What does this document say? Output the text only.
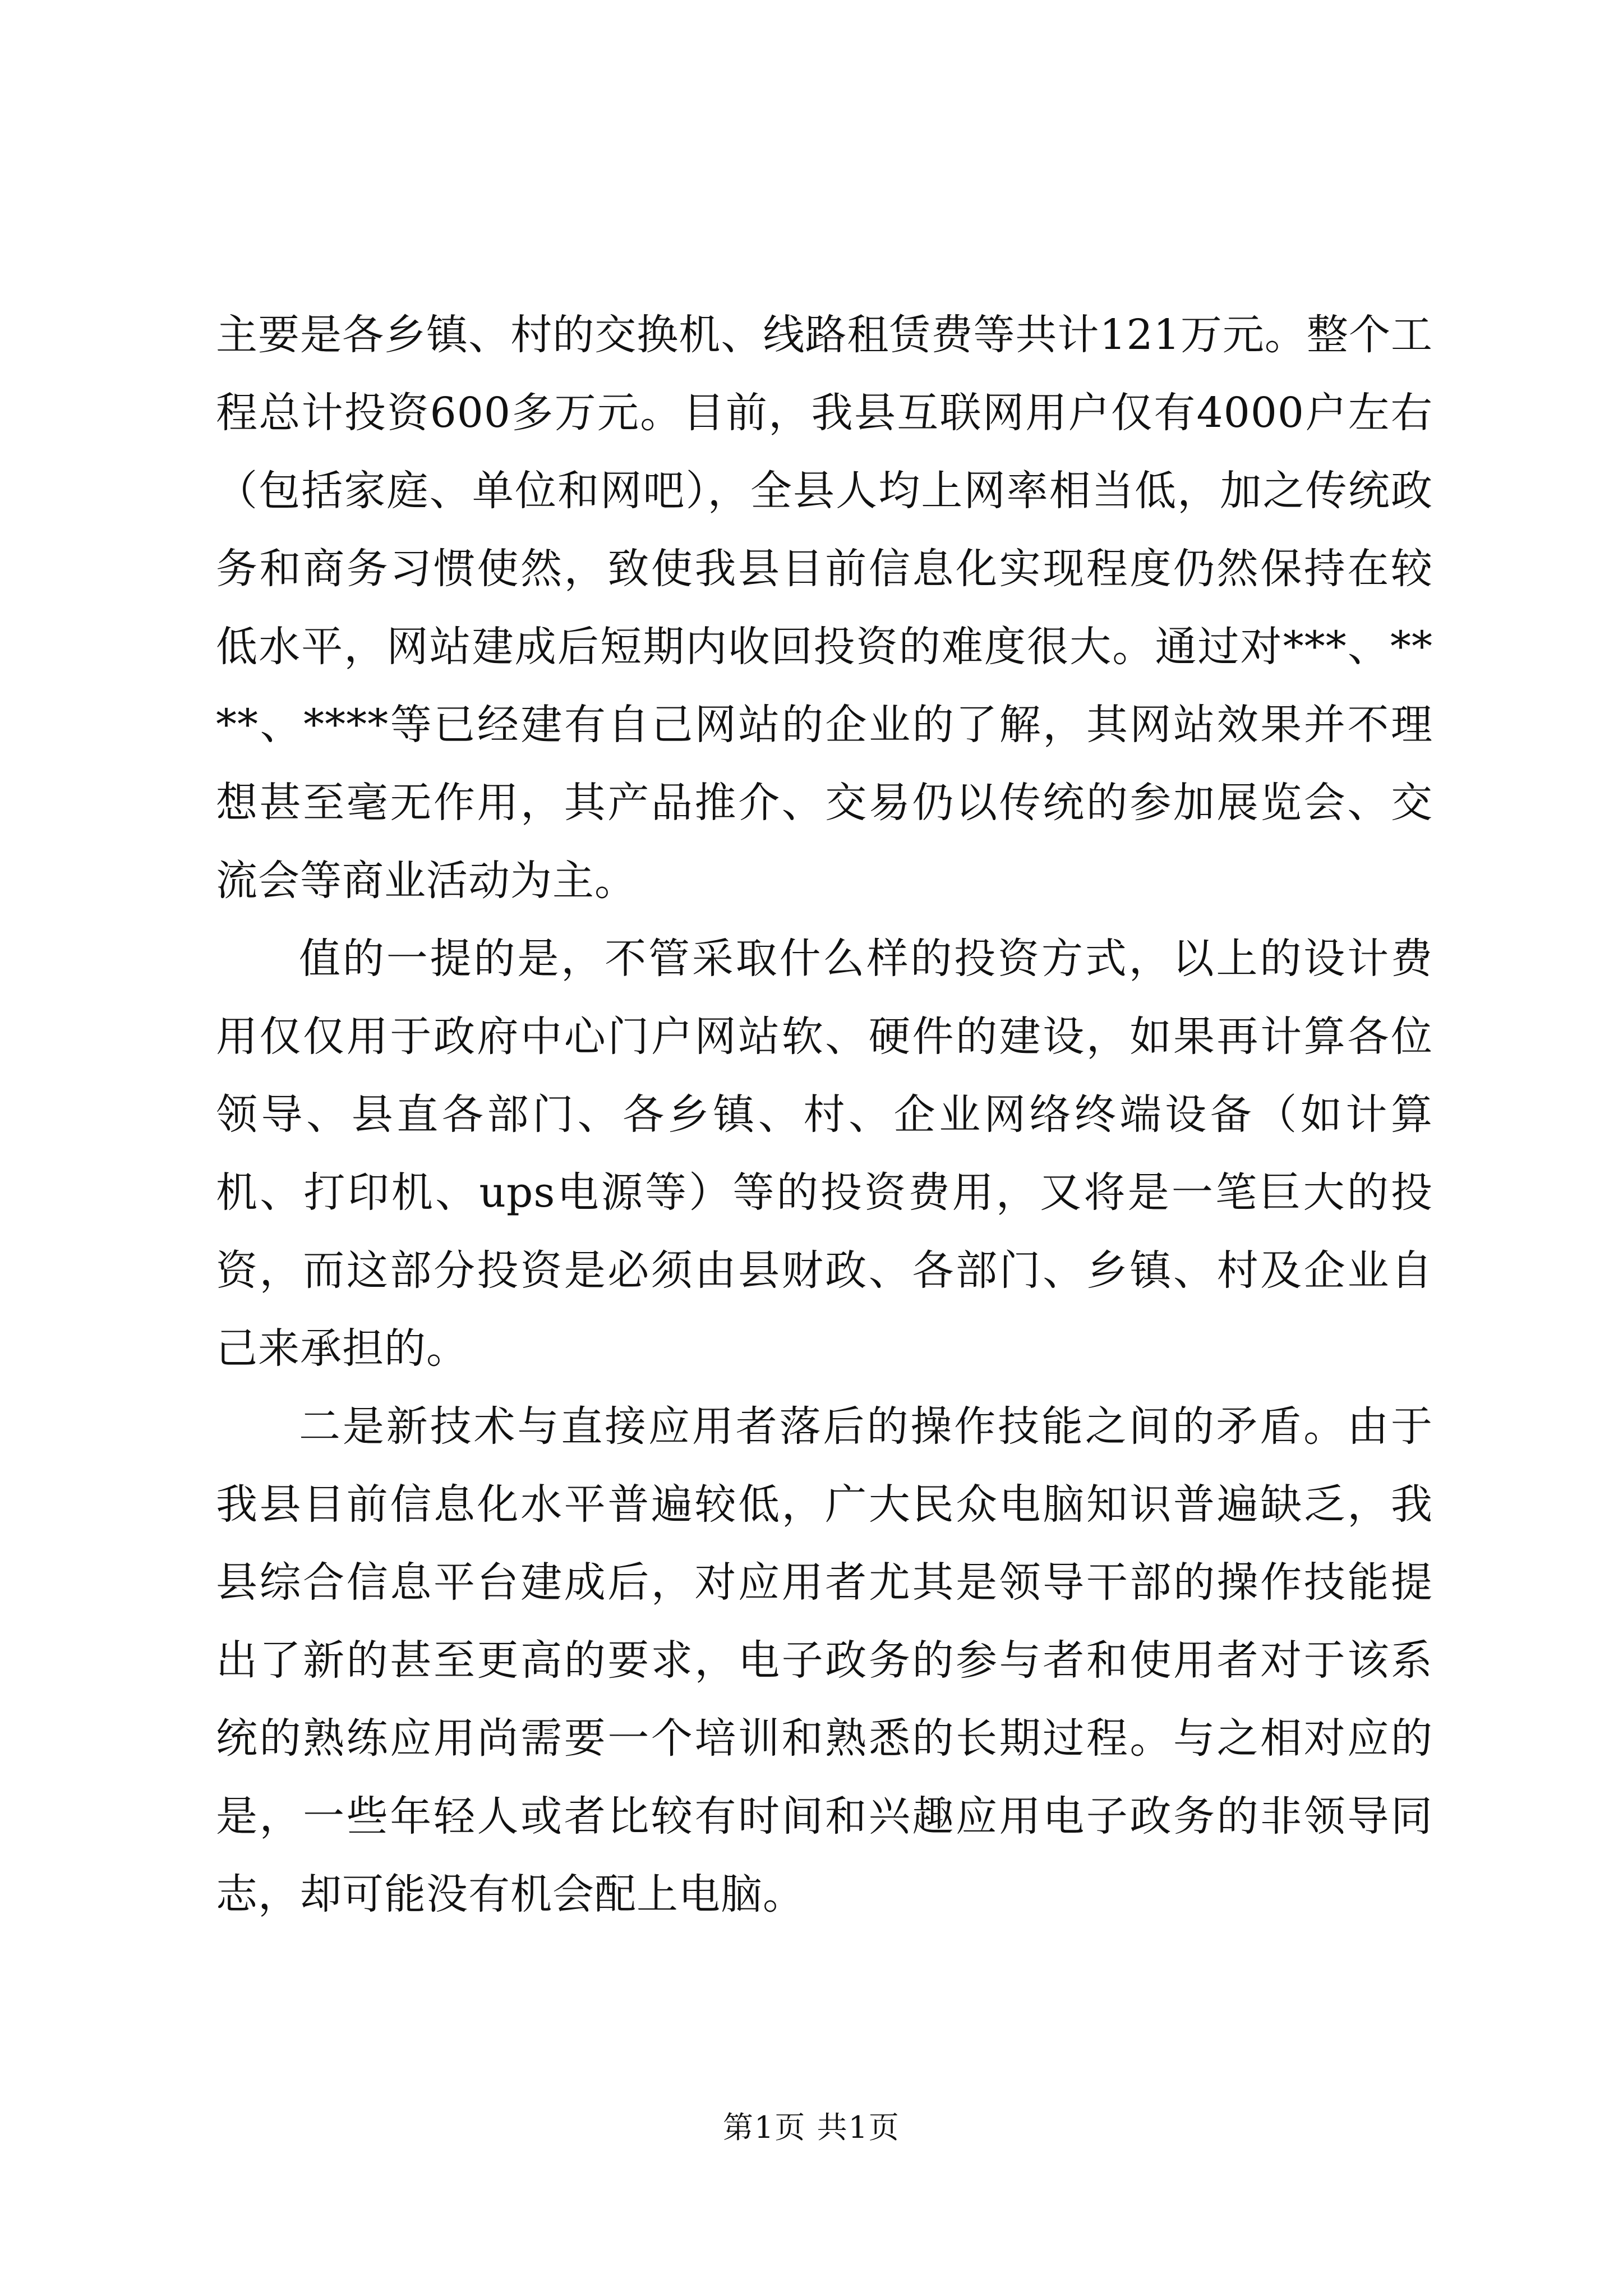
主要是各乡镇、村的交换机、线路租赁费等共计121万元。整个工程总计投资600多万元。目前，我县互联网用户仅有4000户左右（包括家庭、单位和网吧），全县人均上网率相当低，加之传统政务和商务习惯使然，致使我县目前信息化实现程度仍然保持在较低水平，网站建成后短期内收回投资的难度很大。通过对***、****、****等已经建有自己网站的企业的了解，其网站效果并不理想甚至毫无作用，其产品推介、交易仍以传统的参加展览会、交流会等商业活动为主。

值的一提的是，不管采取什么样的投资方式，以上的设计费用仅仅用于政府中心门户网站软、硬件的建设，如果再计算各位领导、县直各部门、各乡镇、村、企业网络终端设备（如计算机、打印机、ups电源等）等的投资费用，又将是一笔巨大的投资，而这部分投资是必须由县财政、各部门、乡镇、村及企业自己来承担的。

二是新技术与直接应用者落后的操作技能之间的矛盾。由于我县目前信息化水平普遍较低，广大民众电脑知识普遍缺乏，我县综合信息平台建成后，对应用者尤其是领导干部的操作技能提出了新的甚至更高的要求，电子政务的参与者和使用者对于该系统的熟练应用尚需要一个培训和熟悉的长期过程。与之相对应的是，一些年轻人或者比较有时间和兴趣应用电子政务的非领导同志，却可能没有机会配上电脑。

第1页 共1页
